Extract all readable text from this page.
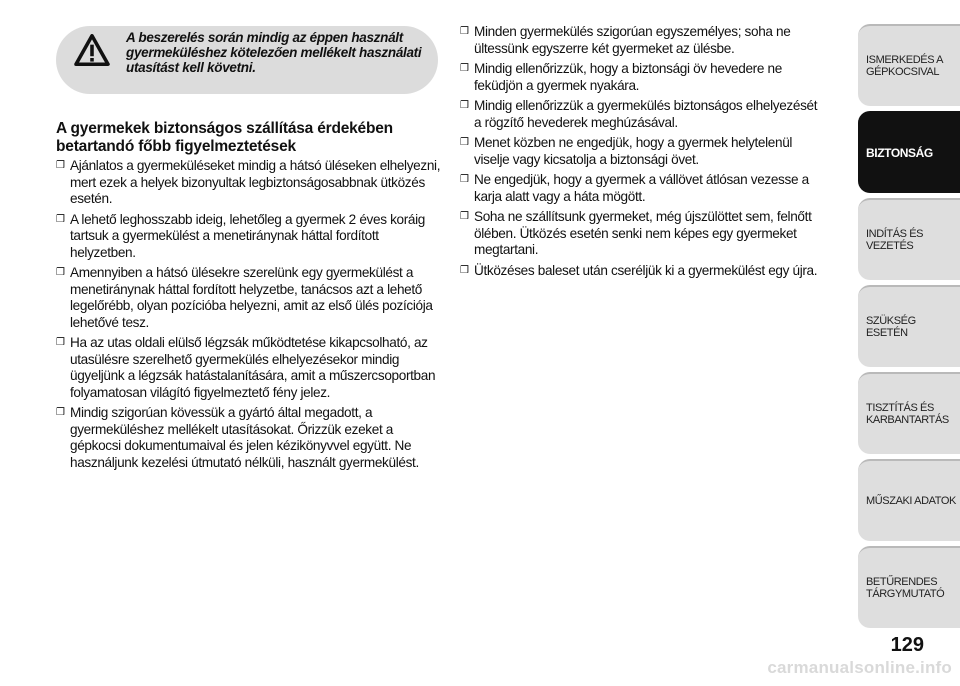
A beszerelés során mindig az éppen használt gyermeküléshez kötelezően mellékelt használati utasítást kell követni.
A gyermekek biztonságos szállítása érdekében betartandó főbb figyelmeztetések
❒ Ajánlatos a gyermeküléseket mindig a hátsó üléseken elhelyezni, mert ezek a helyek bizonyultak legbiztonságosabbnak ütközés esetén.
❒ A lehető leghosszabb ideig, lehetőleg a gyermek 2 éves koráig tartsuk a gyermekülést a menetiránynak háttal fordított helyzetben.
❒ Amennyiben a hátsó ülésekre szerelünk egy gyermekülést a menetiránynak háttal fordított helyzetbe, tanácsos azt a lehető legelőrébb, olyan pozícióba helyezni, amit az első ülés pozíciója lehetővé tesz.
❒ Ha az utas oldali elülső légzsák működtetése kikapcsolható, az utasülésre szerelhető gyermekülés elhelyezésekor mindig ügyeljünk a légzsák hatástalanítására, amit a műszercsoportban folyamatosan világító figyelmeztető fény jelez.
❒ Mindig szigorúan kövessük a gyártó által megadott, a gyermeküléshez mellékelt utasításokat. Őrizzük ezeket a gépkocsi dokumentumaival és jelen kézikönyvvel együtt. Ne használjunk kezelési útmutató nélküli, használt gyermekülést.
❒ Minden gyermekülés szigorúan egyszemélyes; soha ne ültessünk egyszerre két gyermeket az ülésbe.
❒ Mindig ellenőrizzük, hogy a biztonsági öv hevedere ne feküdjön a gyermek nyakára.
❒ Mindig ellenőrizzük a gyermekülés biztonságos elhelyezését a rögzítő hevederek meghúzásával.
❒ Menet közben ne engedjük, hogy a gyermek helytelenül viselje vagy kicsatolja a biztonsági övet.
❒ Ne engedjük, hogy a gyermek a vállövet átlósan vezesse a karja alatt vagy a háta mögött.
❒ Soha ne szállítsunk gyermeket, még újszülöttet sem, felnőtt ölében. Ütközés esetén senki nem képes egy gyermeket megtartani.
❒ Ütközéses baleset után cseréljük ki a gyermekülést egy újra.
ISMERKEDÉS A GÉPKOCSIVAL
BIZTONSÁG
INDÍTÁS ÉS VEZETÉS
SZÜKSÉG ESETÉN
TISZTÍTÁS ÉS KARBANTARTÁS
MŰSZAKI ADATOK
BETŰRENDES TÁRGYMUTATÓ
129
carmanualsonline.info
